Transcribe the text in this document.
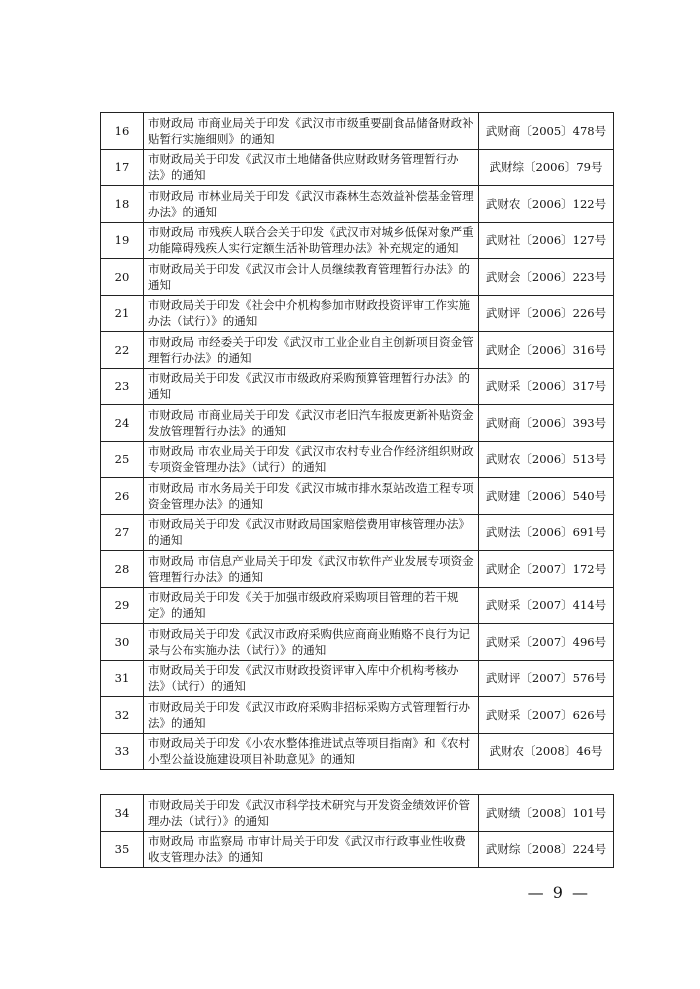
16	市财政局 市商业局关于印发《武汉市市级重要副食品储备财政补贴暂行实施细则》的通知	武财商〔2005〕478号
17	市财政局关于印发《武汉市土地储备供应财政财务管理暂行办法》的通知	武财综〔2006〕79号
18	市财政局 市林业局关于印发《武汉市森林生态效益补偿基金管理办法》的通知	武财农〔2006〕122号
19	市财政局 市残疾人联合会关于印发《武汉市对城乡低保对象严重功能障碍残疾人实行定额生活补助管理办法》补充规定的通知	武财社〔2006〕127号
20	市财政局关于印发《武汉市会计人员继续教育管理暂行办法》的通知	武财会〔2006〕223号
21	市财政局关于印发《社会中介机构参加市财政投资评审工作实施办法（试行）》的通知	武财评〔2006〕226号
22	市财政局 市经委关于印发《武汉市工业企业自主创新项目资金管理暂行办法》的通知	武财企〔2006〕316号
23	市财政局关于印发《武汉市市级政府采购预算管理暂行办法》的通知	武财采〔2006〕317号
24	市财政局 市商业局关于印发《武汉市老旧汽车报废更新补贴资金发放管理暂行办法》的通知	武财商〔2006〕393号
25	市财政局 市农业局关于印发《武汉市农村专业合作经济组织财政专项资金管理办法》（试行）的通知	武财农〔2006〕513号
26	市财政局 市水务局关于印发《武汉市城市排水泵站改造工程专项资金管理办法》的通知	武财建〔2006〕540号
27	市财政局关于印发《武汉市财政局国家赔偿费用审核管理办法》的通知	武财法〔2006〕691号
28	市财政局 市信息产业局关于印发《武汉市软件产业发展专项资金管理暂行办法》的通知	武财企〔2007〕172号
29	市财政局关于印发《关于加强市级政府采购项目管理的若干规定》的通知	武财采〔2007〕414号
30	市财政局关于印发《武汉市政府采购供应商商业贿赂不良行为记录与公布实施办法（试行）》的通知	武财采〔2007〕496号
31	市财政局关于印发《武汉市财政投资评审入库中介机构考核办法》（试行）的通知	武财评〔2007〕576号
32	市财政局关于印发《武汉市政府采购非招标采购方式管理暂行办法》的通知	武财采〔2007〕626号
33	市财政局关于印发《小农水整体推进试点等项目指南》和《农村小型公益设施建设项目补助意见》的通知	武财农〔2008〕46号
34	市财政局关于印发《武汉市科学技术研究与开发资金绩效评价管理办法（试行）》的通知	武财绩〔2008〕101号
35	市财政局 市监察局 市审计局关于印发《武汉市行政事业性收费收支管理办法》的通知	武财综〔2008〕224号
— 9 —
